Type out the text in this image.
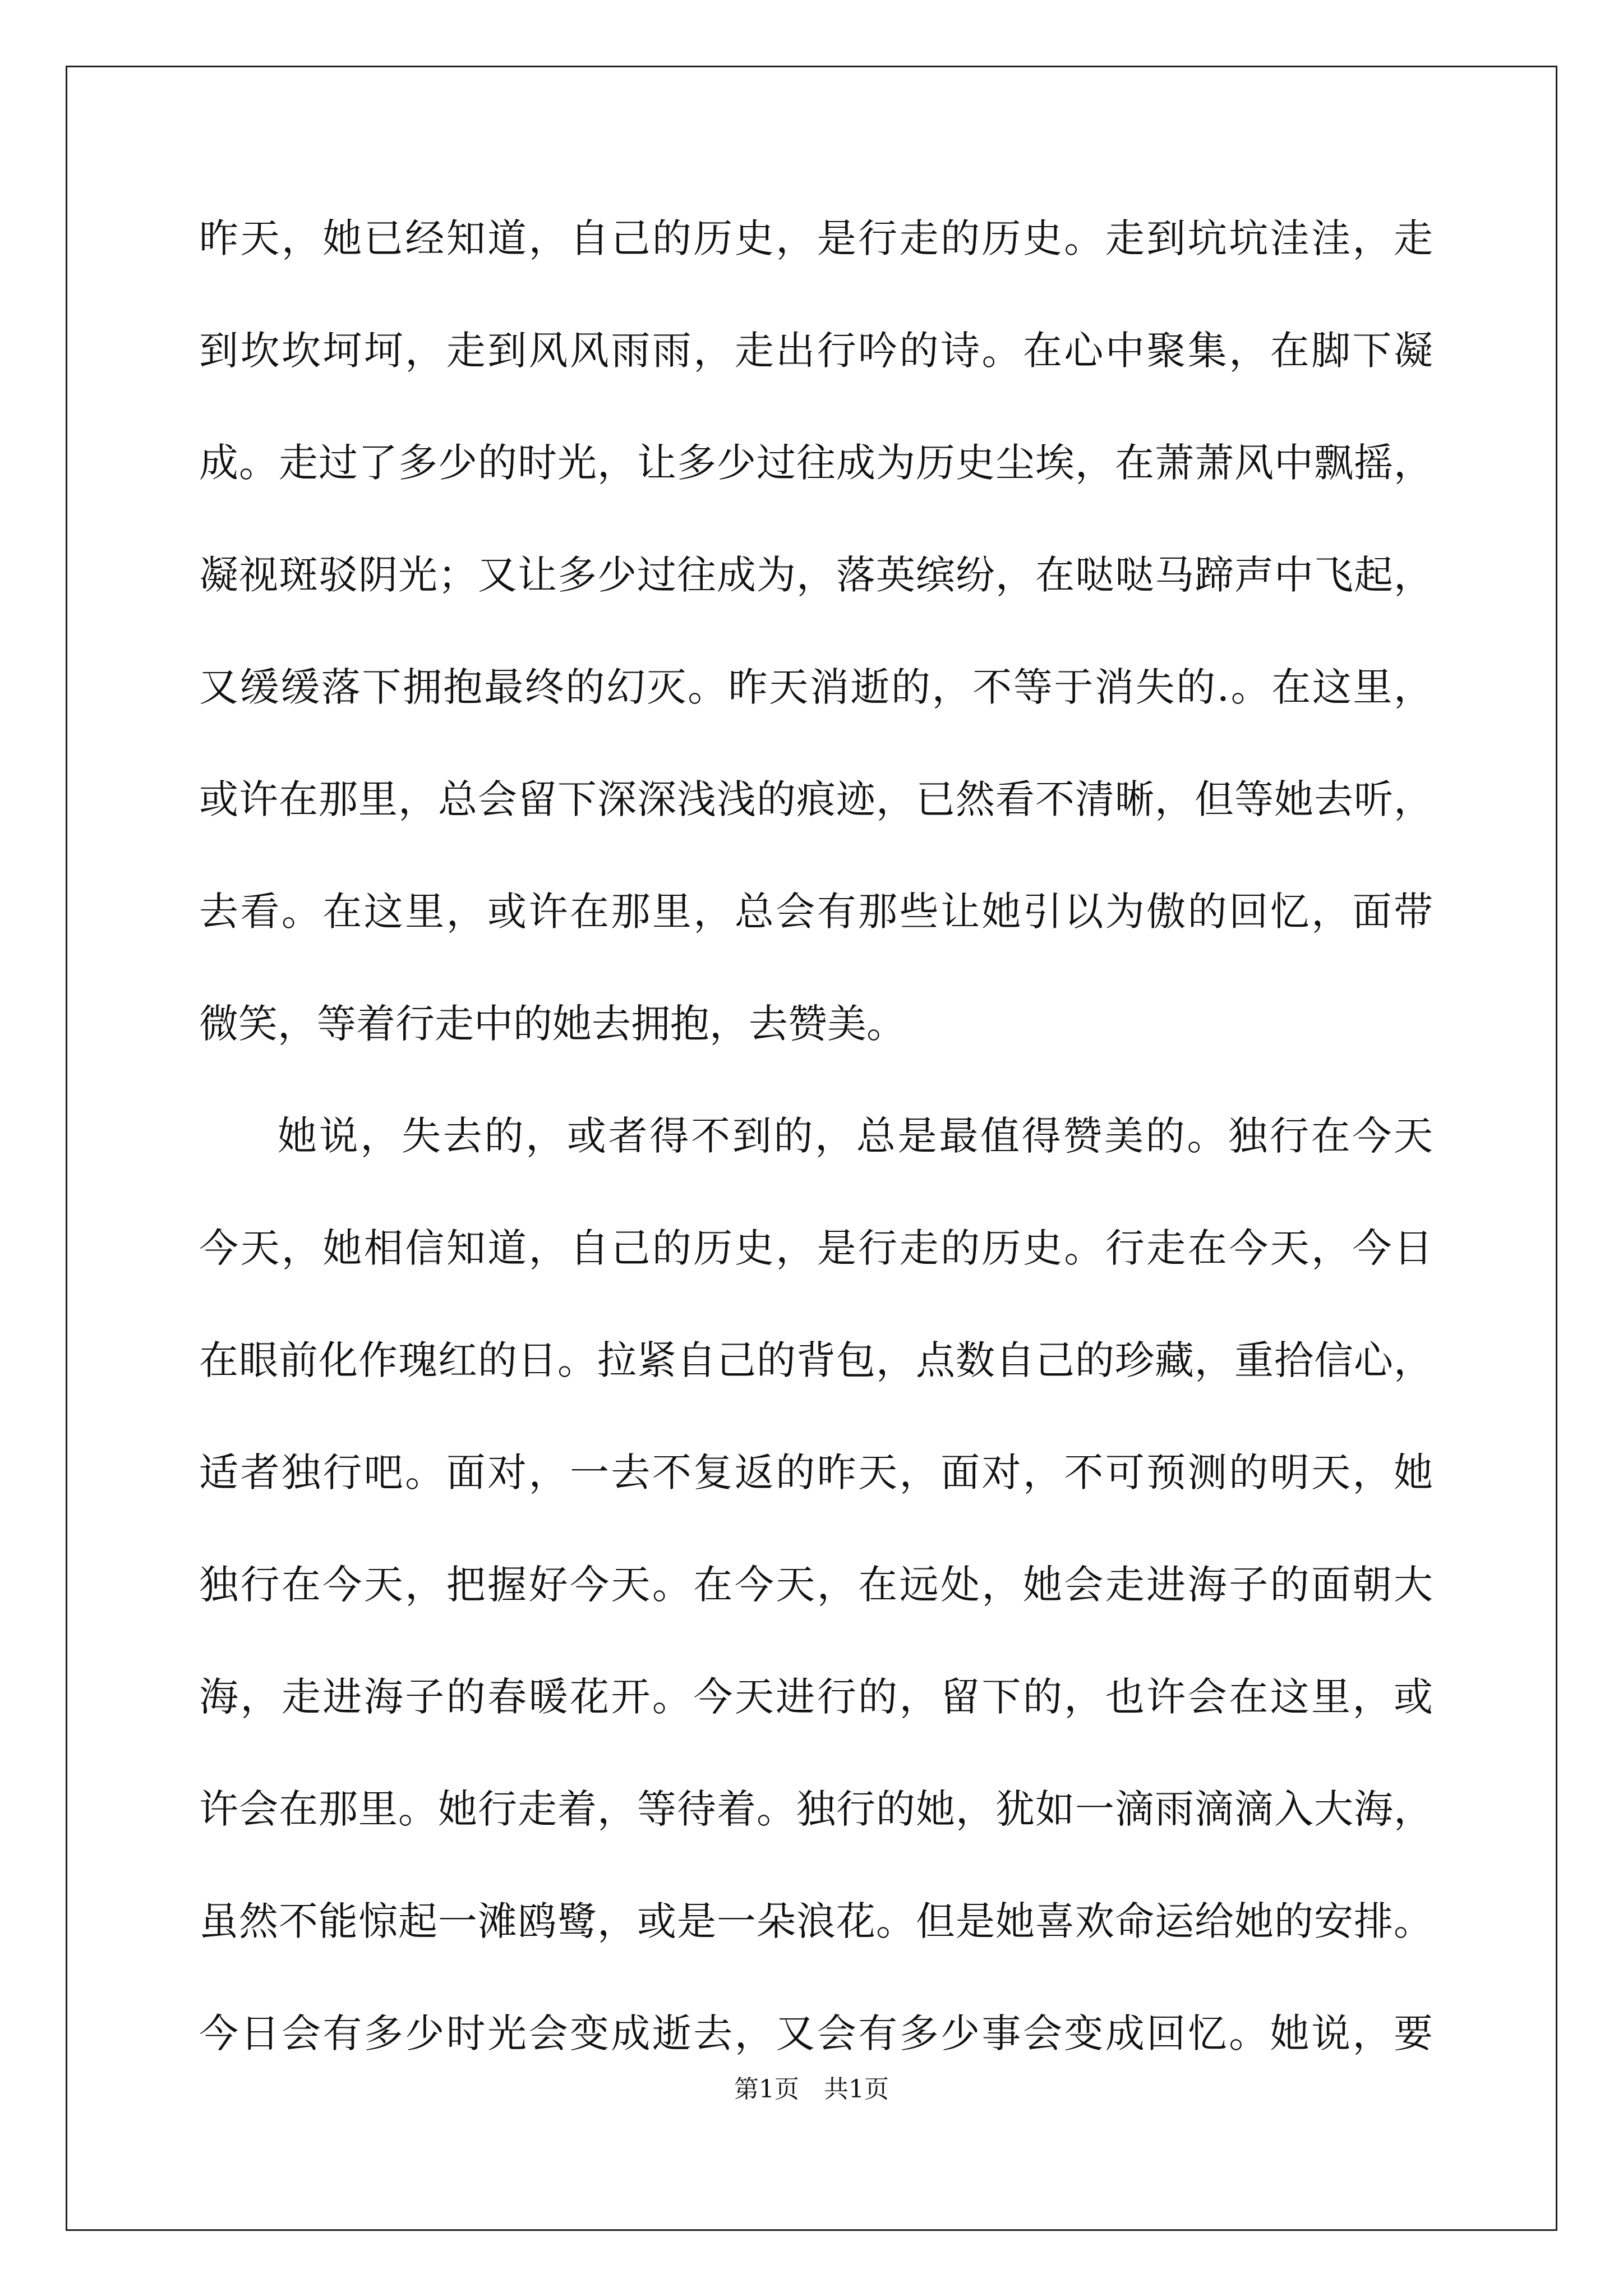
昨天，她已经知道，自己的历史，是行走的历史。走到坑坑洼洼，走
到坎坎坷坷，走到风风雨雨，走出行吟的诗。在心中聚集，在脚下凝
成。走过了多少的时光，让多少过往成为历史尘埃，在萧萧风中飘摇，
凝视斑驳阴光；又让多少过往成为，落英缤纷，在哒哒马蹄声中飞起，
又缓缓落下拥抱最终的幻灭。昨天消逝的，不等于消失的.。在这里，
或许在那里，总会留下深深浅浅的痕迹，已然看不清晰，但等她去听，
去看。在这里，或许在那里，总会有那些让她引以为傲的回忆，面带
微笑，等着行走中的她去拥抱，去赞美。
她说，失去的，或者得不到的，总是最值得赞美的。独行在今天
今天，她相信知道，自己的历史，是行走的历史。行走在今天，今日
在眼前化作瑰红的日。拉紧自己的背包，点数自己的珍藏，重拾信心，
适者独行吧。面对，一去不复返的昨天，面对，不可预测的明天，她
独行在今天，把握好今天。在今天，在远处，她会走进海子的面朝大
海，走进海子的春暖花开。今天进行的，留下的，也许会在这里，或
许会在那里。她行走着，等待着。独行的她，犹如一滴雨滴滴入大海，
虽然不能惊起一滩鸥鹭，或是一朵浪花。但是她喜欢命运给她的安排。
今日会有多少时光会变成逝去，又会有多少事会变成回忆。她说，要
第1页　共1页
